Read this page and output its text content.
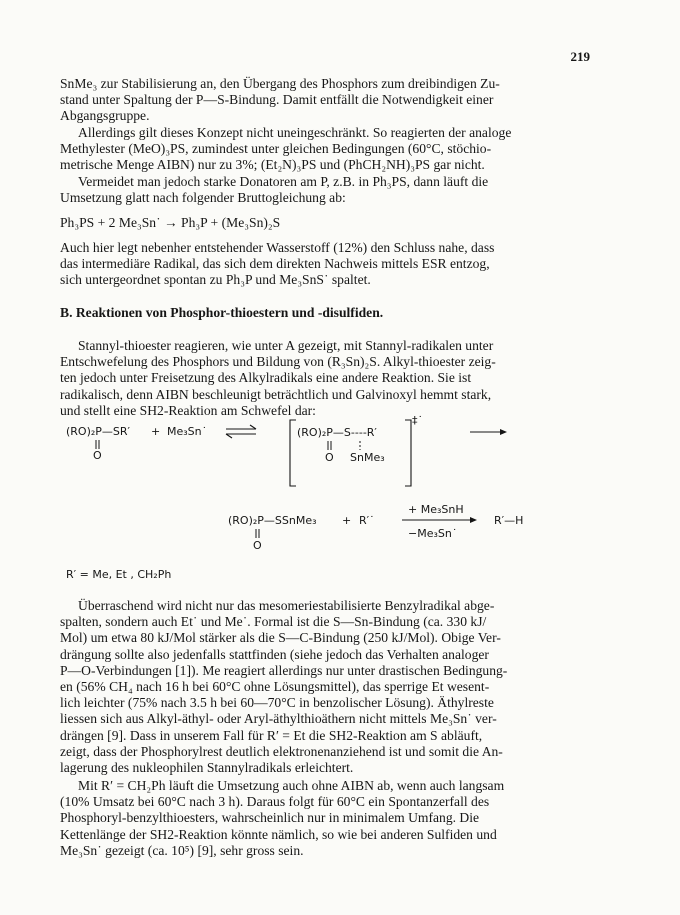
219

SnMe₃ zur Stabilisierung an, den Übergang des Phosphors zum dreibindigen Zu-

stand unter Spaltung der P—S-Bindung. Damit entfällt die Notwendigkeit einer

Abgangsgruppe.

Allerdings gilt dieses Konzept nicht uneingeschränkt. So reagierten der analoge

Methylester (MeO)₃PS, zumindest unter gleichen Bedingungen (60°C, stöchio-

metrische Menge AIBN) nur zu 3%; (Et₂N)₃PS und (PhCH₂NH)₃PS gar nicht.

Vermeidet man jedoch starke Donatoren am P, z.B. in Ph₃PS, dann läuft die

Umsetzung glatt nach folgender Bruttogleichung ab:

Ph₃PS + 2 Me₃Sn˙ → Ph₃P + (Me₃Sn)₂S

Auch hier legt nebenher entstehender Wasserstoff (12%) den Schluss nahe, dass

das intermediäre Radikal, das sich dem direkten Nachweis mittels ESR entzog,

sich untergeordnet spontan zu Ph₃P und Me₃SnS˙ spaltet.

B. Reaktionen von Phosphor-thioestern und -disulfiden.

Stannyl-thioester reagieren, wie unter A gezeigt, mit Stannyl-radikalen unter

Entschwefelung des Phosphors und Bildung von (R₃Sn)₂S. Alkyl-thioester zeig-

ten jedoch unter Freisetzung des Alkylradikals eine andere Reaktion. Sie ist

radikalisch, denn AIBN beschleunigt beträchtlich und Galvinoxyl hemmt stark,

und stellt eine SH2-Reaktion am Schwefel dar:

(RO)₂P—SR′
O
+ Me₃Sn˙	(RO)₂P—S----R′
O SnMe₃
‡˙
(RO)₂P—SSnMe₃
O
+ R′˙
+ Me₃SnH
−Me₃Sn˙
R′—H
R′ = Me, Et , CH₂Ph

Überraschend wird nicht nur das mesomeriestabilisierte Benzylradikal abge-

spalten, sondern auch Et˙ und Me˙. Formal ist die S—Sn-Bindung (ca. 330 kJ/

Mol) um etwa 80 kJ/Mol stärker als die S—C-Bindung (250 kJ/Mol). Obige Ver-

drängung sollte also jedenfalls stattfinden (siehe jedoch das Verhalten analoger

P—O-Verbindungen [1]). Me reagiert allerdings nur unter drastischen Bedingung-

en (56% CH₄ nach 16 h bei 60°C ohne Lösungsmittel), das sperrige Et wesent-

lich leichter (75% nach 3.5 h bei 60—70°C in benzolischer Lösung). Äthylreste

liessen sich aus Alkyl-äthyl- oder Aryl-äthylthioäthern nicht mittels Me₃Sn˙ ver-

drängen [9]. Dass in unserem Fall für R′ = Et die SH2-Reaktion am S abläuft,

zeigt, dass der Phosphorylrest deutlich elektronenanziehend ist und somit die An-

lagerung des nukleophilen Stannylradikals erleichtert.

Mit R′ = CH₂Ph läuft die Umsetzung auch ohne AIBN ab, wenn auch langsam

(10% Umsatz bei 60°C nach 3 h). Daraus folgt für 60°C ein Spontanzerfall des

Phosphoryl-benzylthioesters, wahrscheinlich nur in minimalem Umfang. Die

Kettenlänge der SH2-Reaktion könnte nämlich, so wie bei anderen Sulfiden und

Me₃Sn˙ gezeigt (ca. 10⁵) [9], sehr gross sein.
